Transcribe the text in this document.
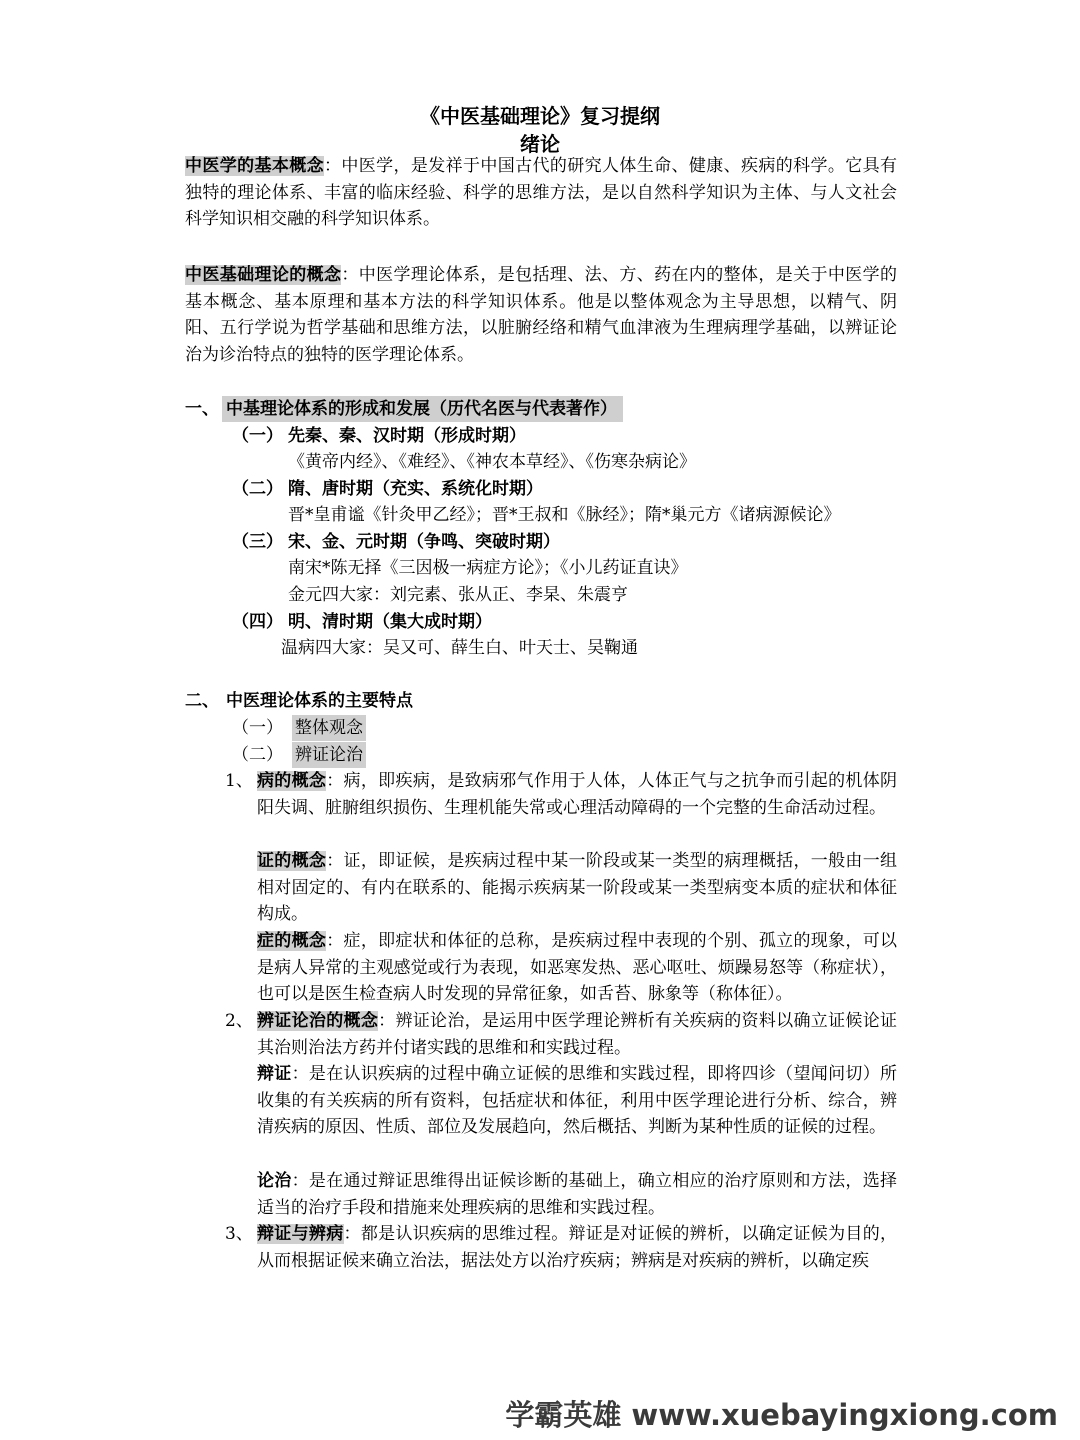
《中医基础理论》复习提纲
绪论
中医学的基本概念：中医学，是发祥于中国古代的研究人体生命、健康、疾病的科学。它具有独特的理论体系、丰富的临床经验、科学的思维方法，是以自然科学知识为主体、与人文社会科学知识相交融的科学知识体系。
中医基础理论的概念：中医学理论体系，是包括理、法、方、药在内的整体，是关于中医学的基本概念、基本原理和基本方法的科学知识体系。他是以整体观念为主导思想，以精气、阴阳、五行学说为哲学基础和思维方法，以脏腑经络和精气血津液为生理病理学基础，以辨证论治为诊治特点的独特的医学理论体系。
一、 中基理论体系的形成和发展（历代名医与代表著作）
（一） 先秦、秦、汉时期（形成时期）
《黄帝内经》、《难经》、《神农本草经》、《伤寒杂病论》
（二） 隋、唐时期（充实、系统化时期）
晋*皇甫谧《针灸甲乙经》；晋*王叔和《脉经》；隋*巢元方《诸病源候论》
（三） 宋、金、元时期（争鸣、突破时期）
南宋*陈无择《三因极一病症方论》；《小儿药证直诀》
金元四大家：刘完素、张从正、李杲、朱震亨
（四） 明、清时期（集大成时期）
温病四大家：吴又可、薛生白、叶天士、吴鞠通
二、 中医理论体系的主要特点
（一） 整体观念
（二） 辨证论治
1、 病的概念：病，即疾病，是致病邪气作用于人体，人体正气与之抗争而引起的机体阴阳失调、脏腑组织损伤、生理机能失常或心理活动障碍的一个完整的生命活动过程。
证的概念：证，即证候，是疾病过程中某一阶段或某一类型的病理概括，一般由一组相对固定的、有内在联系的、能揭示疾病某一阶段或某一类型病变本质的症状和体征构成。
症的概念：症，即症状和体征的总称，是疾病过程中表现的个别、孤立的现象，可以是病人异常的主观感觉或行为表现，如恶寒发热、恶心呕吐、烦躁易怒等（称症状），也可以是医生检查病人时发现的异常征象，如舌苔、脉象等（称体征）。
2、 辨证论治的概念：辨证论治，是运用中医学理论辨析有关疾病的资料以确立证候论证其治则治法方药并付诸实践的思维和和实践过程。
辩证：是在认识疾病的过程中确立证候的思维和实践过程，即将四诊（望闻问切）所收集的有关疾病的所有资料，包括症状和体征，利用中医学理论进行分析、综合，辨清疾病的原因、性质、部位及发展趋向，然后概括、判断为某种性质的证候的过程。
论治：是在通过辩证思维得出证候诊断的基础上，确立相应的治疗原则和方法，选择适当的治疗手段和措施来处理疾病的思维和实践过程。
3、 辩证与辨病：都是认识疾病的思维过程。辩证是对证候的辨析，以确定证候为目的，从而根据证候来确立治法，据法处方以治疗疾病；辨病是对疾病的辨析，以确定疾
学霸英雄 www.xuebayingxiong.com
